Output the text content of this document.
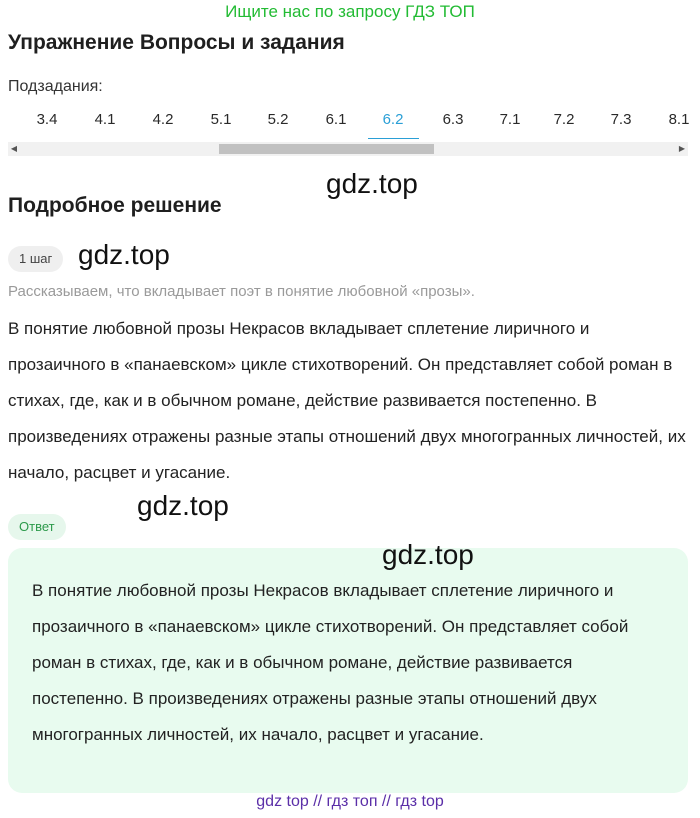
Ищите нас по запросу ГДЗ ТОП
Упражнение Вопросы и задания
Подзадания:
3.4	4.1	4.2	5.1	5.2	6.1	6.2	6.3	7.1	7.2	7.3	8.1
◀	▶
gdz.top
Подробное решение
1 шаг gdz.top
Рассказываем, что вкладывает поэт в понятие любовной «прозы».
В понятие любовной прозы Некрасов вкладывает сплетение лиричного и прозаичного в «панаевском» цикле стихотворений. Он представляет собой роман в стихах, где, как и в обычном романе, действие развивается постепенно. В произведениях отражены разные этапы отношений двух многогранных личностей, их начало, расцвет и угасание.
Ответ
gdz.top
gdz.top
В понятие любовной прозы Некрасов вкладывает сплетение лиричного и прозаичного в «панаевском» цикле стихотворений. Он представляет собой роман в стихах, где, как и в обычном романе, действие развивается постепенно. В произведениях отражены разные этапы отношений двух многогранных личностей, их начало, расцвет и угасание.
gdz top // гдз топ // гдз top
